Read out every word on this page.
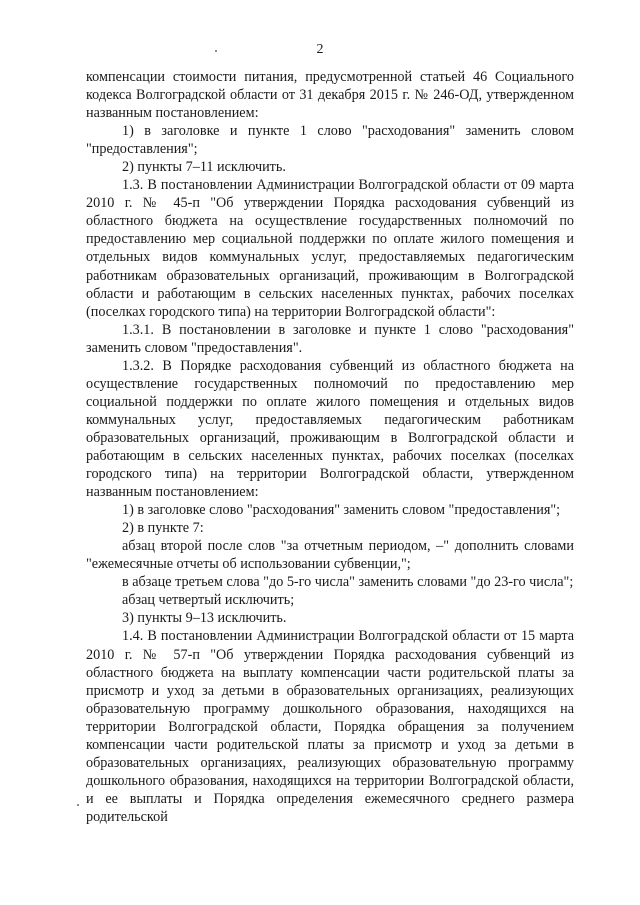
2

компенсации стоимости питания, предусмотренной статьей 46 Социального кодекса Волгоградской области от 31 декабря 2015 г. № 246-ОД, утвержденном названным постановлением:

1) в заголовке и пункте 1 слово "расходования" заменить словом "предоставления";

2) пункты 7–11 исключить.

1.3. В постановлении Администрации Волгоградской области от 09 марта 2010 г. № 45-п "Об утверждении Порядка расходования субвенций из областного бюджета на осуществление государственных полномочий по предоставлению мер социальной поддержки по оплате жилого помещения и отдельных видов коммунальных услуг, предоставляемых педагогическим работникам образовательных организаций, проживающим в Волгоградской области и работающим в сельских населенных пунктах, рабочих поселках (поселках городского типа) на территории Волгоградской области":

1.3.1. В постановлении в заголовке и пункте 1 слово "расходования" заменить словом "предоставления".

1.3.2. В Порядке расходования субвенций из областного бюджета на осуществление государственных полномочий по предоставлению мер социальной поддержки по оплате жилого помещения и отдельных видов коммунальных услуг, предоставляемых педагогическим работникам образовательных организаций, проживающим в Волгоградской области и работающим в сельских населенных пунктах, рабочих поселках (поселках городского типа) на территории Волгоградской области, утвержденном названным постановлением:

1) в заголовке слово "расходования" заменить словом "предоставления";

2) в пункте 7:

абзац второй после слов "за отчетным периодом, –" дополнить словами "ежемесячные отчеты об использовании субвенции,";

в абзаце третьем слова "до 5-го числа" заменить словами "до 23-го числа";

абзац четвертый исключить;

3) пункты 9–13 исключить.

1.4. В постановлении Администрации Волгоградской области от 15 марта 2010 г. № 57-п "Об утверждении Порядка расходования субвенций из областного бюджета на выплату компенсации части родительской платы за присмотр и уход за детьми в образовательных организациях, реализующих образовательную программу дошкольного образования, находящихся на территории Волгоградской области, Порядка обращения за получением компенсации части родительской платы за присмотр и уход за детьми в образовательных организациях, реализующих образовательную программу дошкольного образования, находящихся на территории Волгоградской области, и ее выплаты и Порядка определения ежемесячного среднего размера родительской
